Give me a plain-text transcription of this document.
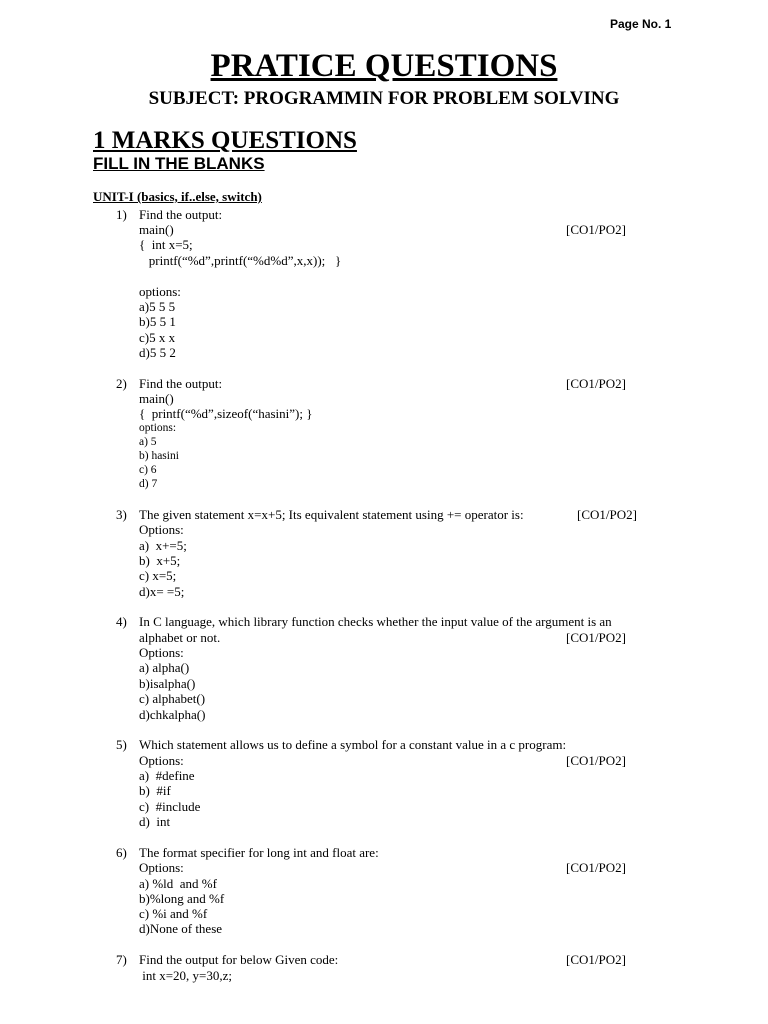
Page No. 1
PRATICE QUESTIONS
SUBJECT: PROGRAMMIN FOR PROBLEM SOLVING
1 MARKS QUESTIONS
FILL IN THE BLANKS
UNIT-I (basics, if..else, switch)
1) Find the output:
main()	[CO1/PO2]
{  int x=5;
printf(“%d”,printf(“%d%d”,x,x));   }
options:
a)5 5 5
b)5 5 1
c)5 x x
d)5 5 2
2) Find the output:	[CO1/PO2]
main()
{  printf(“%d”,sizeof(“hasini”); }
options:
a) 5
b) hasini
c) 6
d) 7
3) The given statement x=x+5; Its equivalent statement using += operator is:	[CO1/PO2]
Options:
a)  x+=5;
b)  x+5;
c) x=5;
d)x= =5;
4) In C language, which library function checks whether the input value of the argument is an
alphabet or not.	[CO1/PO2]
Options:
a) alpha()
b)isalpha()
c) alphabet()
d)chkalpha()
5) Which statement allows us to define a symbol for a constant value in a c program:
Options:	[CO1/PO2]
a)  #define
b)  #if
c)  #include
d)  int
6) The format specifier for long int and float are:
Options:	[CO1/PO2]
a) %ld  and %f
b)%long and %f
c) %i and %f
d)None of these
7) Find the output for below Given code:	[CO1/PO2]
int x=20, y=30,z;
